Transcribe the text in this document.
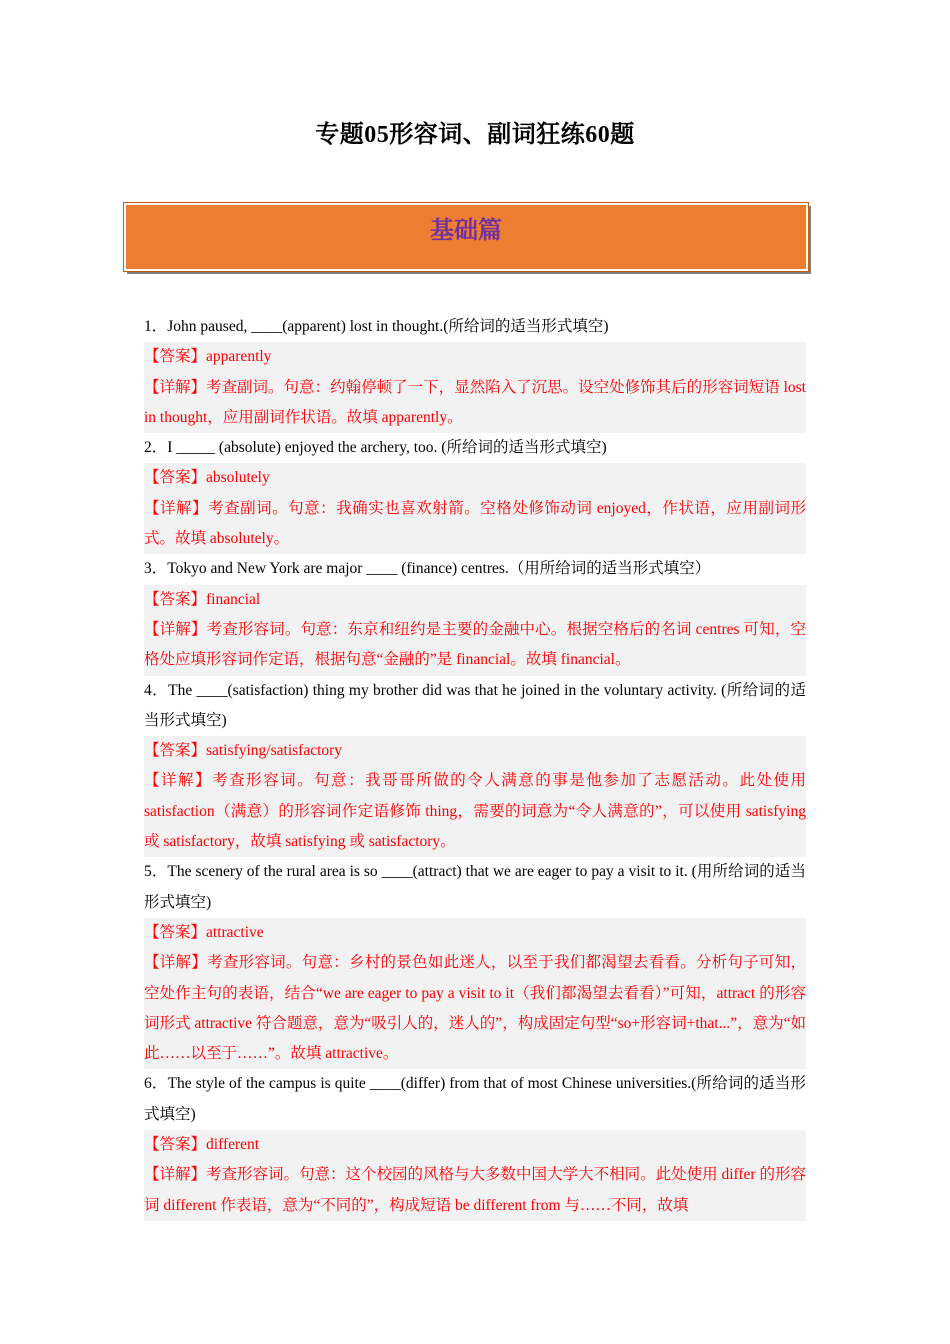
专题05形容词、副词狂练60题
基础篇

1．John paused, ____(apparent) lost in thought.(所给词的适当形式填空)

【答案】apparently

【详解】考查副词。句意：约翰停顿了一下，显然陷入了沉思。设空处修饰其后的形容词短语 lost in thought，应用副词作状语。故填 apparently。

2．I _____ (absolute) enjoyed the archery, too. (所给词的适当形式填空)

【答案】absolutely

【详解】考查副词。句意：我确实也喜欢射箭。空格处修饰动词 enjoyed，作状语，应用副词形式。故填 absolutely。

3．Tokyo and New York are major ____ (finance) centres.（用所给词的适当形式填空）

【答案】financial

【详解】考查形容词。句意：东京和纽约是主要的金融中心。根据空格后的名词 centres 可知，空格处应填形容词作定语，根据句意“金融的”是 financial。故填 financial。

4．The ____(satisfaction) thing my brother did was that he joined in the voluntary activity. (所给词的适当形式填空)

【答案】satisfying/satisfactory

【详解】考查形容词。句意：我哥哥所做的令人满意的事是他参加了志愿活动。此处使用 satisfaction（满意）的形容词作定语修饰 thing，需要的词意为“令人满意的”，可以使用 satisfying 或 satisfactory，故填 satisfying 或 satisfactory。

5．The scenery of the rural area is so ____(attract) that we are eager to pay a visit to it. (用所给词的适当形式填空)

【答案】attractive

【详解】考查形容词。句意：乡村的景色如此迷人，以至于我们都渴望去看看。分析句子可知，空处作主句的表语，结合“we are eager to pay a visit to it（我们都渴望去看看）”可知，attract 的形容词形式 attractive 符合题意，意为“吸引人的，迷人的”，构成固定句型“so+形容词+that...”，意为“如此……以至于……”。故填 attractive。

6．The style of the campus is quite ____(differ) from that of most Chinese universities.(所给词的适当形式填空)

【答案】different

【详解】考查形容词。句意：这个校园的风格与大多数中国大学大不相同。此处使用 differ 的形容词 different 作表语，意为“不同的”，构成短语 be different from 与……不同，故填
